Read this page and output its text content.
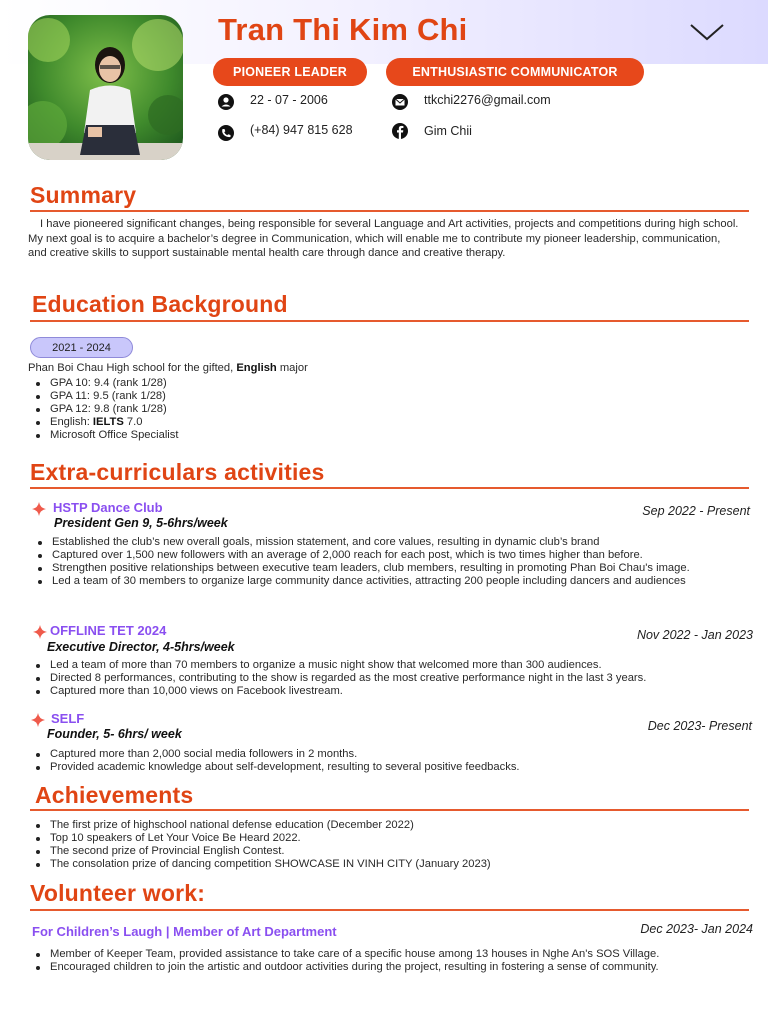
Tran Thi Kim Chi
PIONEER LEADER	ENTHUSIASTIC COMMUNICATOR
22 - 07 - 2006	ttkchi2276@gmail.com
(+84) 947 815 628	Gim Chii
Summary
I have pioneered significant changes, being responsible for several Language and Art activities, projects and competitions during high school. My next goal is to acquire a bachelor’s degree in Communication, which will enable me to contribute my pioneer leadership, communication, and creative skills to support sustainable mental health care through dance and creative therapy.
Education Background
2021 - 2024
Phan Boi Chau High school for the gifted, English major
GPA 10: 9.4 (rank 1/28)
GPA 11: 9.5 (rank 1/28)
GPA 12: 9.8 (rank 1/28)
English: IELTS 7.0
Microsoft Office Specialist
Extra-curriculars activities
HSTP Dance Club
President Gen 9, 5-6hrs/week
Sep 2022 - Present
Established the club’s new overall goals, mission statement, and core values, resulting in dynamic club’s brand
Captured over 1,500 new followers with an average of 2,000 reach for each post, which is two times higher than before.
Strengthen positive relationships between executive team leaders, club members, resulting in promoting Phan Boi Chau's image.
Led a team of 30 members to organize large community dance activities, attracting 200 people including dancers and audiences
OFFLINE TET 2024
Executive Director, 4-5hrs/week
Nov 2022 - Jan 2023
Led a team of more than 70 members to organize a music night show that welcomed more than 300 audiences.
Directed 8 performances, contributing to the show is regarded as the most creative performance night in the last 3 years.
Captured more than 10,000 views on Facebook livestream.
SELF
Founder, 5- 6hrs/ week
Dec 2023- Present
Captured more than 2,000 social media followers in 2 months.
Provided academic knowledge about self-development, resulting to several positive feedbacks.
Achievements
The first prize of highschool national defense education (December 2022)
Top 10 speakers of Let Your Voice Be Heard 2022.
The second prize of Provincial English Contest.
The consolation prize of dancing competition SHOWCASE IN VINH CITY (January 2023)
Volunteer work:
For Children’s Laugh | Member of Art Department	Dec 2023- Jan 2024
Member of Keeper Team, provided assistance to take care of a specific house among 13 houses in Nghe An's SOS Village.
Encouraged children to join the artistic and outdoor activities during the project, resulting in fostering a sense of community.
